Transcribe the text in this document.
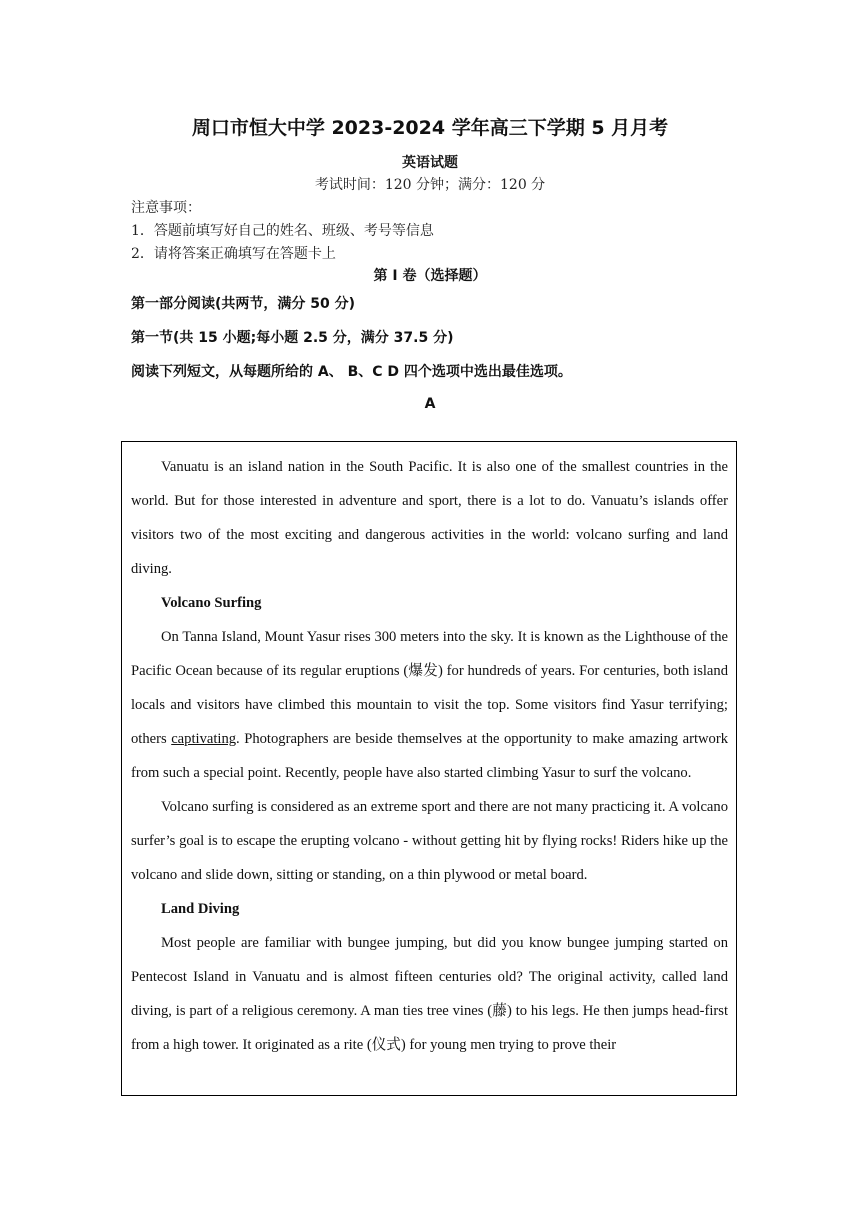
周口市恒大中学 2023-2024 学年高三下学期 5 月月考
英语试题
考试时间：120 分钟；满分：120 分
注意事项：
1．答题前填写好自己的姓名、班级、考号等信息
2．请将答案正确填写在答题卡上
第 I 卷（选择题）
第一部分阅读(共两节，满分 50 分)
第一节(共 15 小题;每小题 2.5 分，满分 37.5 分)
阅读下列短文，从每题所给的 A、 B、C D 四个选项中选出最佳选项。
A

Vanuatu is an island nation in the South Pacific. It is also one of the smallest countries in the world. But for those interested in adventure and sport, there is a lot to do. Vanuatu’s islands offer visitors two of the most exciting and dangerous activities in the world: volcano surfing and land diving.

Volcano Surfing

On Tanna Island, Mount Yasur rises 300 meters into the sky. It is known as the Lighthouse of the Pacific Ocean because of its regular eruptions (爆发) for hundreds of years. For centuries, both island locals and visitors have climbed this mountain to visit the top. Some visitors find Yasur terrifying; others captivating. Photographers are beside themselves at the opportunity to make amazing artwork from such a special point. Recently, people have also started climbing Yasur to surf the volcano.

Volcano surfing is considered as an extreme sport and there are not many practicing it. A volcano surfer’s goal is to escape the erupting volcano - without getting hit by flying rocks! Riders hike up the volcano and slide down, sitting or standing, on a thin plywood or metal board.

Land Diving

Most people are familiar with bungee jumping, but did you know bungee jumping started on Pentecost Island in Vanuatu and is almost fifteen centuries old? The original activity, called land diving, is part of a religious ceremony. A man ties tree vines (藤) to his legs. He then jumps head-first from a high tower. It originated as a rite (仪式) for young men trying to prove their
